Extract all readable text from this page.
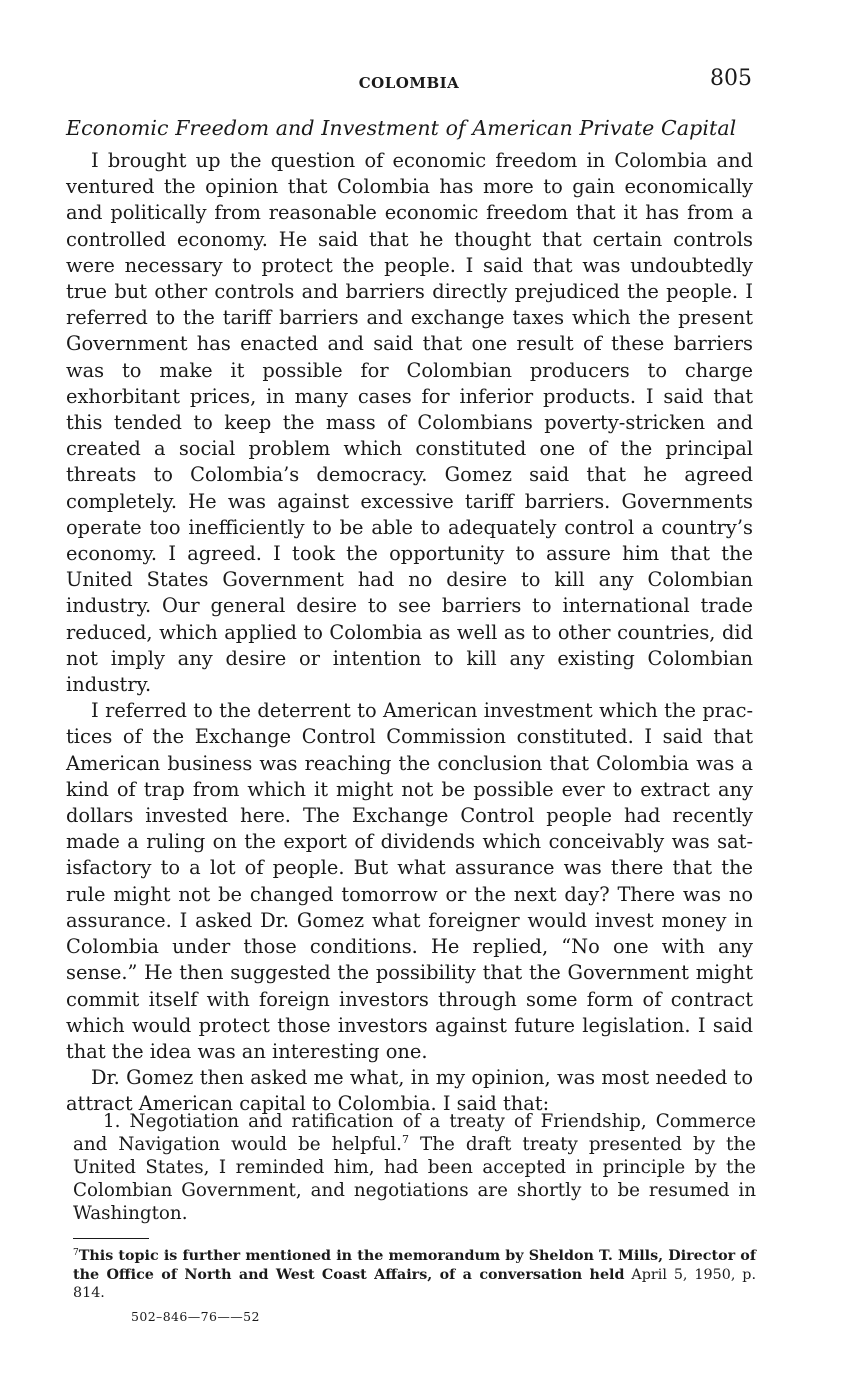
COLOMBIA	805
Economic Freedom and Investment of American Private Capital

I brought up the question of economic freedom in Colombia and ventured the opinion that Colombia has more to gain economically and politically from reasonable economic freedom that it has from a controlled economy. He said that he thought that certain controls were necessary to protect the people. I said that was undoubtedly true but other controls and barriers directly prejudiced the people. I referred to the tariff barriers and exchange taxes which the present Government has enacted and said that one result of these barriers was to make it possible for Colombian producers to charge exhorbitant prices, in many cases for inferior products. I said that this tended to keep the mass of Colombians poverty-stricken and created a social problem which constituted one of the principal threats to Colombia’s democracy. Gomez said that he agreed completely. He was against excessive tariff barriers. Governments operate too inefficiently to be able to adequately control a country’s economy. I agreed. I took the opportunity to assure him that the United States Government had no desire to kill any Colombian industry. Our general desire to see barriers to international trade reduced, which applied to Colombia as well as to other countries, did not imply any desire or intention to kill any existing Colombian industry.

I referred to the deterrent to American investment which the practices of the Exchange Control Commission constituted. I said that American business was reaching the conclusion that Colombia was a kind of trap from which it might not be possible ever to extract any dollars invested here. The Exchange Control people had recently made a ruling on the export of dividends which conceivably was satisfactory to a lot of people. But what assurance was there that the rule might not be changed tomorrow or the next day? There was no assurance. I asked Dr. Gomez what foreigner would invest money in Colombia under those conditions. He replied, “No one with any sense.” He then suggested the possibility that the Government might commit itself with foreign investors through some form of contract which would protect those investors against future legislation. I said that the idea was an interesting one.

Dr. Gomez then asked me what, in my opinion, was most needed to attract American capital to Colombia. I said that:

1. Negotiation and ratification of a treaty of Friendship, Commerce and Navigation would be helpful.$^7$ The draft treaty presented by the United States, I reminded him, had been accepted in principle by the Colombian Government, and negotiations are shortly to be resumed in Washington.

$^7$This topic is further mentioned in the memorandum by Sheldon T. Mills, Director of the Office of North and West Coast Affairs, of a conversation held April 5, 1950, p. 814.
502–846—76——52
